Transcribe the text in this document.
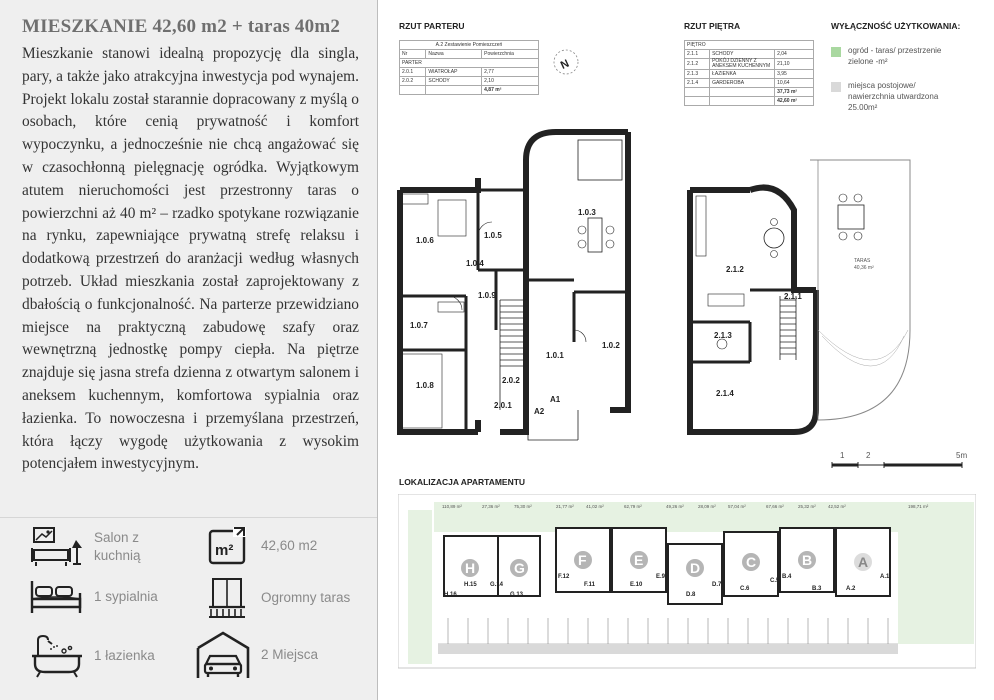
MIESZKANIE 42,60 m2 + taras 40m2

Mieszkanie stanowi idealną propozycję dla singla, pary, a także jako atrakcyjna inwestycja pod wynajem. Projekt lokalu został starannie dopracowany z myślą o osobach, które cenią prywatność i komfort wypoczynku, a jednocześnie nie chcą angażować się w czasochłonną pielęgnację ogródka. Wyjątkowym atutem nieruchomości jest przestronny taras o powierzchni aż 40 m² – rzadko spotykane rozwiązanie na rynku, zapewniające prywatną strefę relaksu i dodatkową przestrzeń do aranżacji według własnych potrzeb. Układ mieszkania został zaprojektowany z dbałością o funkcjonalność. Na parterze przewidziano miejsce na praktyczną zabudowę szafy oraz wewnętrzną jednostkę pompy ciepła. Na piętrze znajduje się jasna strefa dzienna z otwartym salonem i aneksem kuchennym, komfortowa sypialnia oraz łazienka. To nowoczesna i przemyślana przestrzeń, która łączy wygodę użytkowania z wysokim potencjałem inwestycyjnym.

Salon z kuchnią	m² 42,60 m2
1 sypialnia	Ogromny taras
1 łazienka	2 Miejsca
RZUT PARTERU	RZUT PIĘTRA	WYŁĄCZNOŚĆ UŻYTKOWANIA:
A.2 Zestawienie Pomieszczeń		
Nr	Nazwa	Powierzchnia
PARTER		
2.0.1	WIATROŁAP	2,77
2.0.2	SCHODY	2,10
		4,87 m²
PIĘTRO		
2.1.1	SCHODY	2,04
2.1.2	POKÓJ DZIENNY Z ANEKSEM KUCHENNYM	21,10
2.1.3	ŁAZIENKA	3,95
2.1.4	GARDEROBA	10,64
		37,73 m²
		42,60 m²
ogród - taras/ przestrzenie zielone -m²
miejsca postojowe/ nawierzchnia utwardzona 25.00m²
N
1.0.3
1.0.5
1.0.6
1.0.4
1.0.9
1.0.7
1.0.1
1.0.2
1.0.8
2.0.2
2.0.1
A1
A2
2.1.2
2.1.1
2.1.3
2.1.4
TARAS
40,36 m²
1	2	5m
LOKALIZACJA APARTAMENTU
110,89 m²	27,36 m²	75,30 m²	21,77 m²	41,02 m²	62,79 m²	49,26 m²	28,09 m²	57,04 m²	67,66 m²	25,32 m²	42,52 m²	198,71 m²
H	G	F	E	D	C	B	A
H.15 G.14
H.16	G.13
F.12
F.11	E.10
E.9
D.8
D.7
C.6
C.5
B.4
B.3	A.2
A.1
